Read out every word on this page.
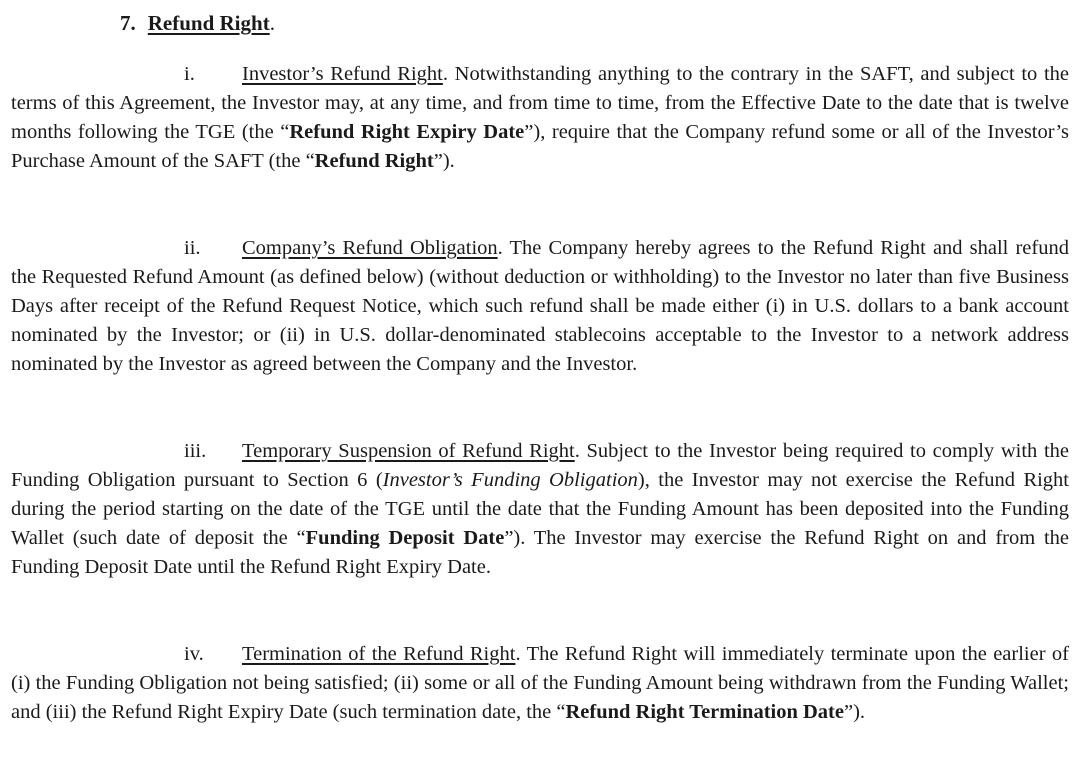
7. Refund Right.

i. Investor’s Refund Right. Notwithstanding anything to the contrary in the SAFT, and subject to the terms of this Agreement, the Investor may, at any time, and from time to time, from the Effective Date to the date that is twelve months following the TGE (the “Refund Right Expiry Date”), require that the Company refund some or all of the Investor’s Purchase Amount of the SAFT (the “Refund Right”).

ii. Company’s Refund Obligation. The Company hereby agrees to the Refund Right and shall refund the Requested Refund Amount (as defined below) (without deduction or withholding) to the Investor no later than five Business Days after receipt of the Refund Request Notice, which such refund shall be made either (i) in U.S. dollars to a bank account nominated by the Investor; or (ii) in U.S. dollar-denominated stablecoins acceptable to the Investor to a network address nominated by the Investor as agreed between the Company and the Investor.

iii. Temporary Suspension of Refund Right. Subject to the Investor being required to comply with the Funding Obligation pursuant to Section 6 (Investor’s Funding Obligation), the Investor may not exercise the Refund Right during the period starting on the date of the TGE until the date that the Funding Amount has been deposited into the Funding Wallet (such date of deposit the “Funding Deposit Date”). The Investor may exercise the Refund Right on and from the Funding Deposit Date until the Refund Right Expiry Date.

iv. Termination of the Refund Right. The Refund Right will immediately terminate upon the earlier of (i) the Funding Obligation not being satisfied; (ii) some or all of the Funding Amount being withdrawn from the Funding Wallet; and (iii) the Refund Right Expiry Date (such termination date, the “Refund Right Termination Date”).
